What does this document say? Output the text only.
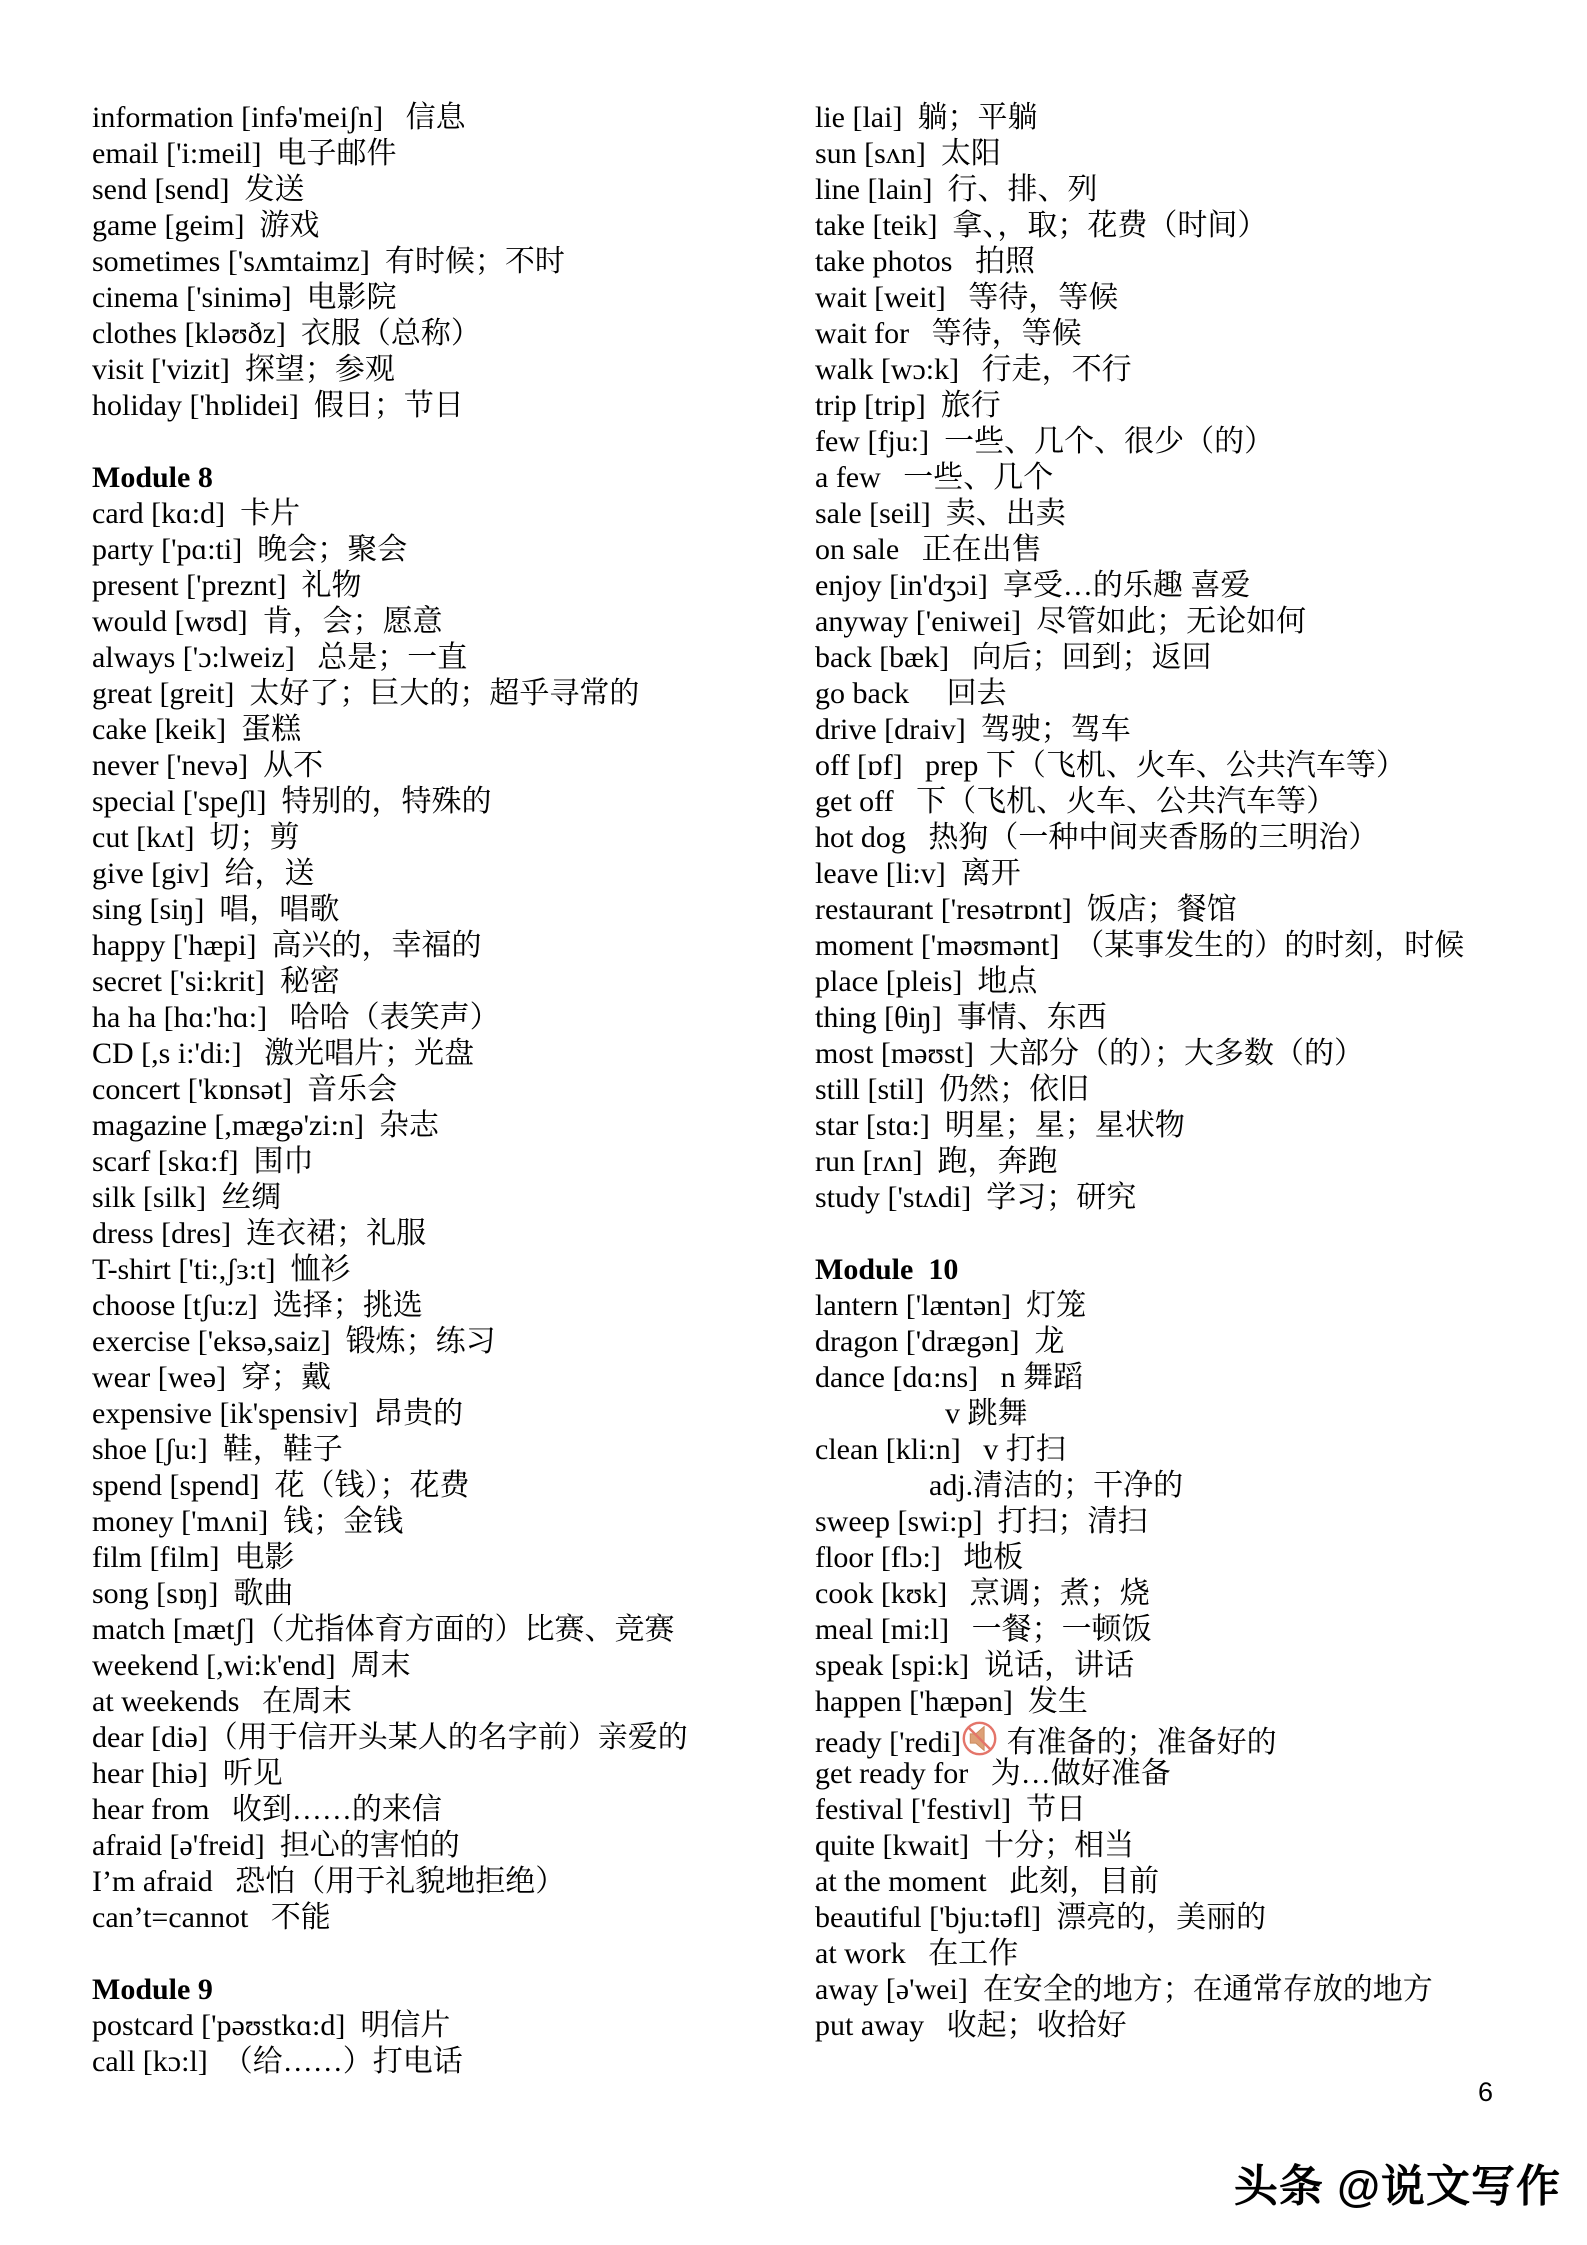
information [infə'meiʃn]   信息
email ['i:meil]  电子邮件
send [send]  发送
game [geim]  游戏
sometimes ['sʌmtaimz]  有时候；不时
cinema ['sinimə]  电影院
clothes [kləʊðz]  衣服（总称）
visit ['vizit]  探望；参观
holiday ['hɒlidei]  假日；节日
Module 8
card [kɑ:d]  卡片
party ['pɑ:ti]  晚会；聚会
present ['preznt]  礼物
would [wʊd]  肯，会；愿意
always ['ɔ:lweiz]   总是；一直
great [greit]  太好了；巨大的；超乎寻常的
cake [keik]  蛋糕
never ['nevə]  从不
special ['speʃl]  特别的，特殊的
cut [kʌt]  切；剪
give [giv]  给，送
sing [siŋ]  唱，唱歌
happy ['hæpi]  高兴的，幸福的
secret ['si:krit]  秘密
ha ha [hɑ:'hɑ:]   哈哈（表笑声）
CD [,s i:'di:]   激光唱片；光盘
concert ['kɒnsət]  音乐会
magazine [,mægə'zi:n]  杂志
scarf [skɑ:f]  围巾
silk [silk]  丝绸
dress [dres]  连衣裙；礼服
T-shirt ['ti:,ʃɜ:t]  恤衫
choose [tʃu:z]  选择；挑选
exercise ['eksə,saiz]  锻炼；练习
wear [weə]  穿；戴
expensive [ik'spensiv]  昂贵的
shoe [ʃu:]  鞋，鞋子
spend [spend]  花（钱）；花费
money ['mʌni]  钱；金钱
film [film]  电影
song [sɒŋ]  歌曲
match [mætʃ]（尤指体育方面的）比赛、竞赛
weekend [,wi:k'end]  周末
at weekends   在周末
dear [diə]（用于信开头某人的名字前）亲爱的
hear [hiə]  听见
hear from   收到……的来信
afraid [ə'freid]  担心的害怕的
I’m afraid   恐怕（用于礼貌地拒绝）
can’t=cannot   不能
Module 9
postcard ['pəʊstkɑ:d]  明信片
call [kɔ:l]  （给……）打电话
lie [lai]  躺；平躺
sun [sʌn]  太阳
line [lain]  行、排、列
take [teik]  拿、，取；花费（时间）
take photos   拍照
wait [weit]   等待，等候
wait for   等待，等候
walk [wɔ:k]   行走，不行
trip [trip]  旅行
few [fju:]  一些、几个、很少（的）
a few   一些、几个
sale [seil]  卖、出卖
on sale   正在出售
enjoy [in'dʒɔi]  享受…的乐趣 喜爱
anyway ['eniwei]  尽管如此；无论如何
back [bæk]   向后；回到；返回
go back     回去
drive [draiv]  驾驶；驾车
off [ɒf]   prep 下（飞机、火车、公共汽车等）
get off   下（飞机、火车、公共汽车等）
hot dog   热狗（一种中间夹香肠的三明治）
leave [li:v]  离开
restaurant ['resətrɒnt]  饭店；餐馆
moment ['məʊmənt]  （某事发生的）的时刻，时候
place [pleis]  地点
thing [θiŋ]  事情、东西
most [məʊst]  大部分（的）；大多数（的）
still [stil]  仍然；依旧
star [stɑ:]  明星；星；星状物
run [rʌn]  跑，奔跑
study ['stʌdi]  学习；研究
Module  10
lantern ['læntən]  灯笼
dragon ['drægən]  龙
dance [dɑ:ns]   n 舞蹈
v 跳舞
clean [kli:n]   v 打扫
adj.清洁的；干净的
sweep [swi:p]  打扫；清扫
floor [flɔ:]   地板
cook [kʊk]   烹调；煮；烧
meal [mi:l]   一餐；一顿饭
speak [spi:k]  说话，讲话
happen ['hæpən]  发生
ready ['redi] 有准备的；准备好的
get ready for   为…做好准备
festival ['festivl]  节日
quite [kwait]  十分；相当
at the moment   此刻，目前
beautiful ['bju:təfl]  漂亮的，美丽的
at work   在工作
away [ə'wei]  在安全的地方；在通常存放的地方
put away   收起；收拾好
6
头条 @说文写作
